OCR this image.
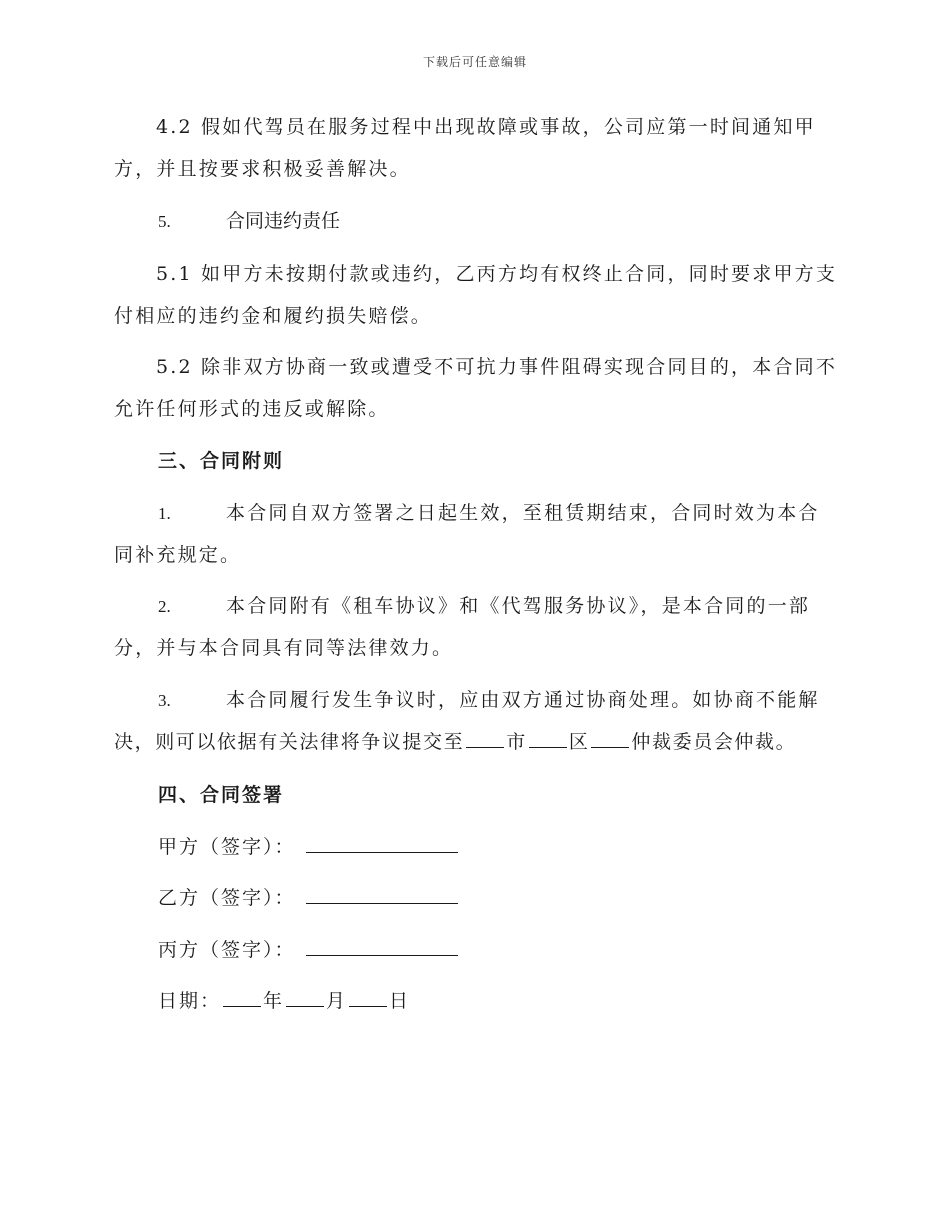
下载后可任意编辑

4.2 假如代驾员在服务过程中出现故障或事故，公司应第一时间通知甲

方，并且按要求积极妥善解决。

5.	合同违约责任

5.1 如甲方未按期付款或违约，乙丙方均有权终止合同，同时要求甲方支

付相应的违约金和履约损失赔偿。

5.2 除非双方协商一致或遭受不可抗力事件阻碍实现合同目的，本合同不

允许任何形式的违反或解除。

三、合同附则

1.	本合同自双方签署之日起生效，至租赁期结束，合同时效为本合

同补充规定。

2.	本合同附有《租车协议》和《代驾服务协议》，是本合同的一部

分，并与本合同具有同等法律效力。

3.	本合同履行发生争议时，应由双方通过协商处理。如协商不能解

决，则可以依据有关法律将争议提交至 市 区 仲裁委员会仲裁。

四、合同签署

甲方（签字）：

乙方（签字）：

丙方（签字）：

日期： 年 月 日
